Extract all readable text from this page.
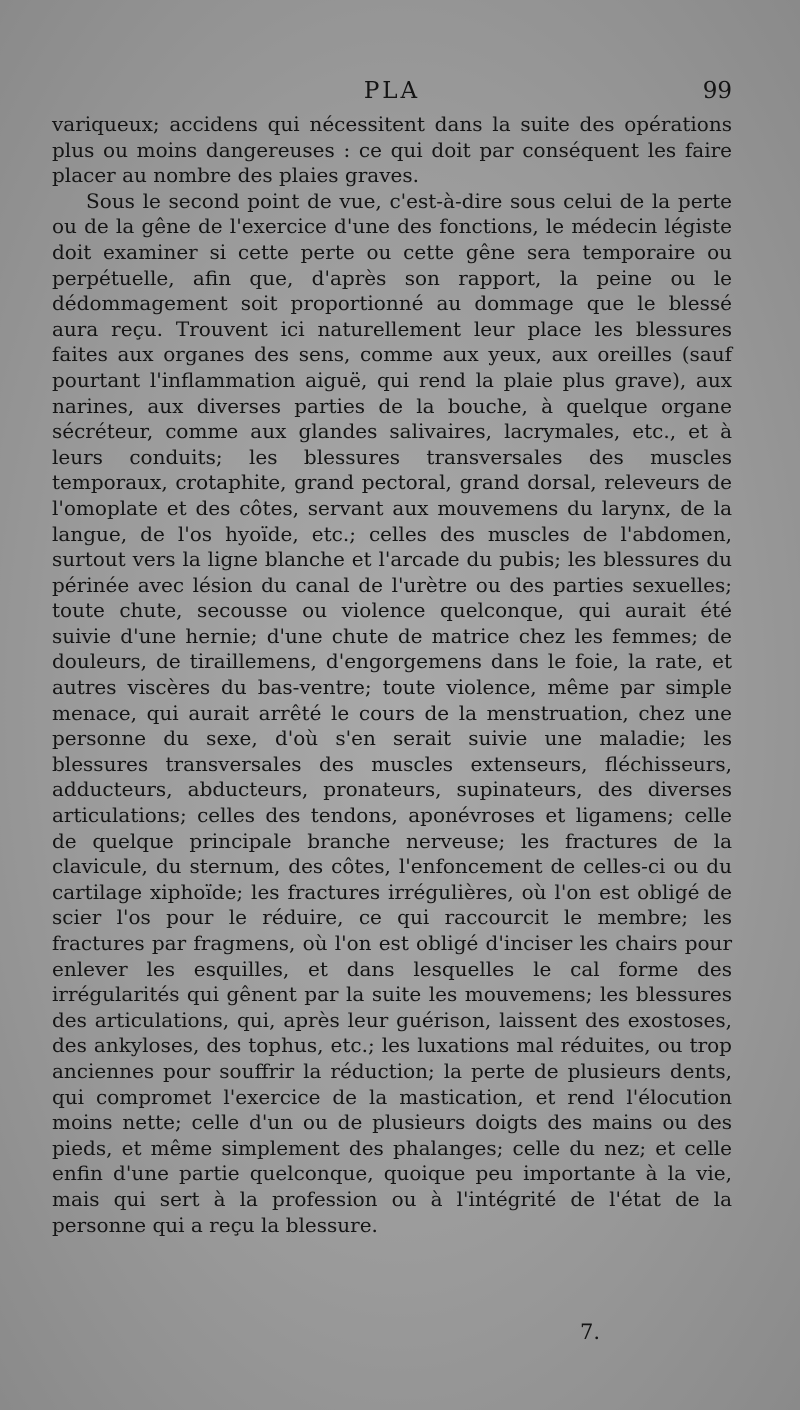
PLA	99

variqueux; accidens qui nécessitent dans la suite des opérations plus ou moins dangereuses : ce qui doit par conséquent les faire placer au nombre des plaies graves.

Sous le second point de vue, c'est-à-dire sous celui de la perte ou de la gêne de l'exercice d'une des fonctions, le médecin légiste doit examiner si cette perte ou cette gêne sera temporaire ou perpétuelle, afin que, d'après son rapport, la peine ou le dédommagement soit proportionné au dommage que le blessé aura reçu. Trouvent ici naturellement leur place les blessures faites aux organes des sens, comme aux yeux, aux oreilles (sauf pourtant l'inflammation aiguë, qui rend la plaie plus grave), aux narines, aux diverses parties de la bouche, à quelque organe sécréteur, comme aux glandes salivaires, lacrymales, etc., et à leurs conduits; les blessures transversales des muscles temporaux, crotaphite, grand pectoral, grand dorsal, releveurs de l'omoplate et des côtes, servant aux mouvemens du larynx, de la langue, de l'os hyoïde, etc.; celles des muscles de l'abdomen, surtout vers la ligne blanche et l'arcade du pubis; les blessures du périnée avec lésion du canal de l'urètre ou des parties sexuelles; toute chute, secousse ou violence quelconque, qui aurait été suivie d'une hernie; d'une chute de matrice chez les femmes; de douleurs, de tiraillemens, d'engorgemens dans le foie, la rate, et autres viscères du bas-ventre; toute violence, même par simple menace, qui aurait arrêté le cours de la menstruation, chez une personne du sexe, d'où s'en serait suivie une maladie; les blessures transversales des muscles extenseurs, fléchisseurs, adducteurs, abducteurs, pronateurs, supinateurs, des diverses articulations; celles des tendons, aponévroses et ligamens; celle de quelque principale branche nerveuse; les fractures de la clavicule, du sternum, des côtes, l'enfoncement de celles-ci ou du cartilage xiphoïde; les fractures irrégulières, où l'on est obligé de scier l'os pour le réduire, ce qui raccourcit le membre; les fractures par fragmens, où l'on est obligé d'inciser les chairs pour enlever les esquilles, et dans lesquelles le cal forme des irrégularités qui gênent par la suite les mouvemens; les blessures des articulations, qui, après leur guérison, laissent des exostoses, des ankyloses, des tophus, etc.; les luxations mal réduites, ou trop anciennes pour souffrir la réduction; la perte de plusieurs dents, qui compromet l'exercice de la mastication, et rend l'élocution moins nette; celle d'un ou de plusieurs doigts des mains ou des pieds, et même simplement des phalanges; celle du nez; et celle enfin d'une partie quelconque, quoique peu importante à la vie, mais qui sert à la profession ou à l'intégrité de l'état de la personne qui a reçu la blessure.

7.
